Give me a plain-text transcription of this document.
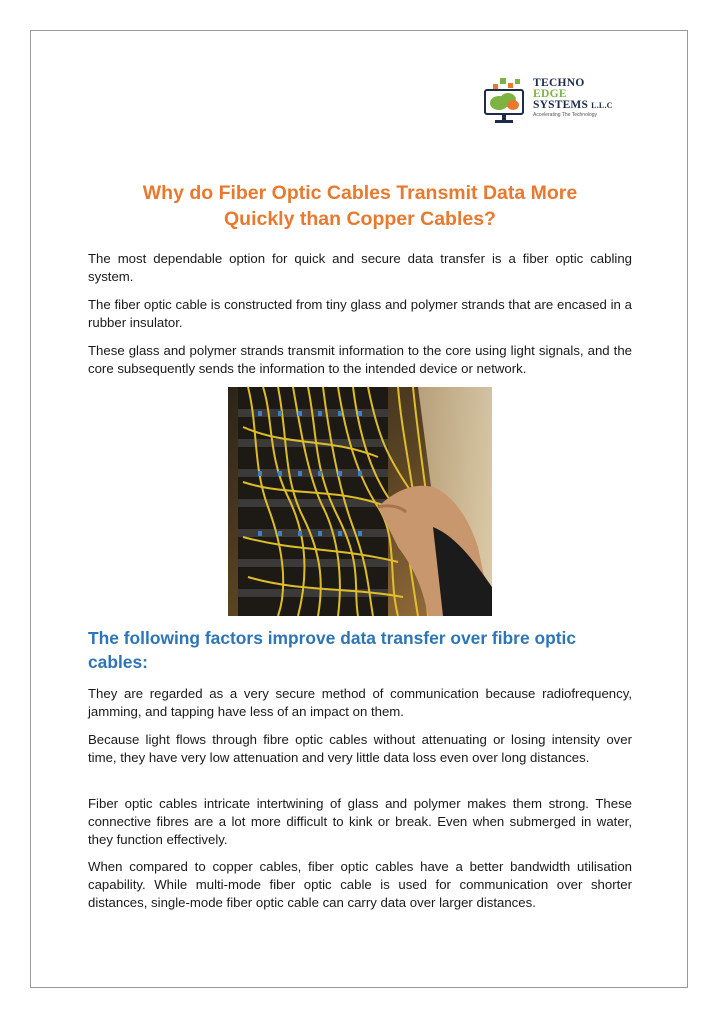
TECHNO
EDGE
SYSTEMS L.L.C
Accelerating The Technology
Why do Fiber Optic Cables Transmit Data More
Quickly than Copper Cables?

The most dependable option for quick and secure data transfer is a fiber optic cabling system.

The fiber optic cable is constructed from tiny glass and polymer strands that are encased in a rubber insulator.

These glass and polymer strands transmit information to the core using light signals, and the core subsequently sends the information to the intended device or network.

The following factors improve data transfer over fibre optic
cables:

They are regarded as a very secure method of communication because radiofrequency, jamming, and tapping have less of an impact on them.

Because light flows through fibre optic cables without attenuating or losing intensity over time, they have very low attenuation and very little data loss even over long distances.

Fiber optic cables intricate intertwining of glass and polymer makes them strong. These connective fibres are a lot more difficult to kink or break. Even when submerged in water, they function effectively.

When compared to copper cables, fiber optic cables have a better bandwidth utilisation capability. While multi-mode fiber optic cable is used for communication over shorter distances, single-mode fiber optic cable can carry data over larger distances.
